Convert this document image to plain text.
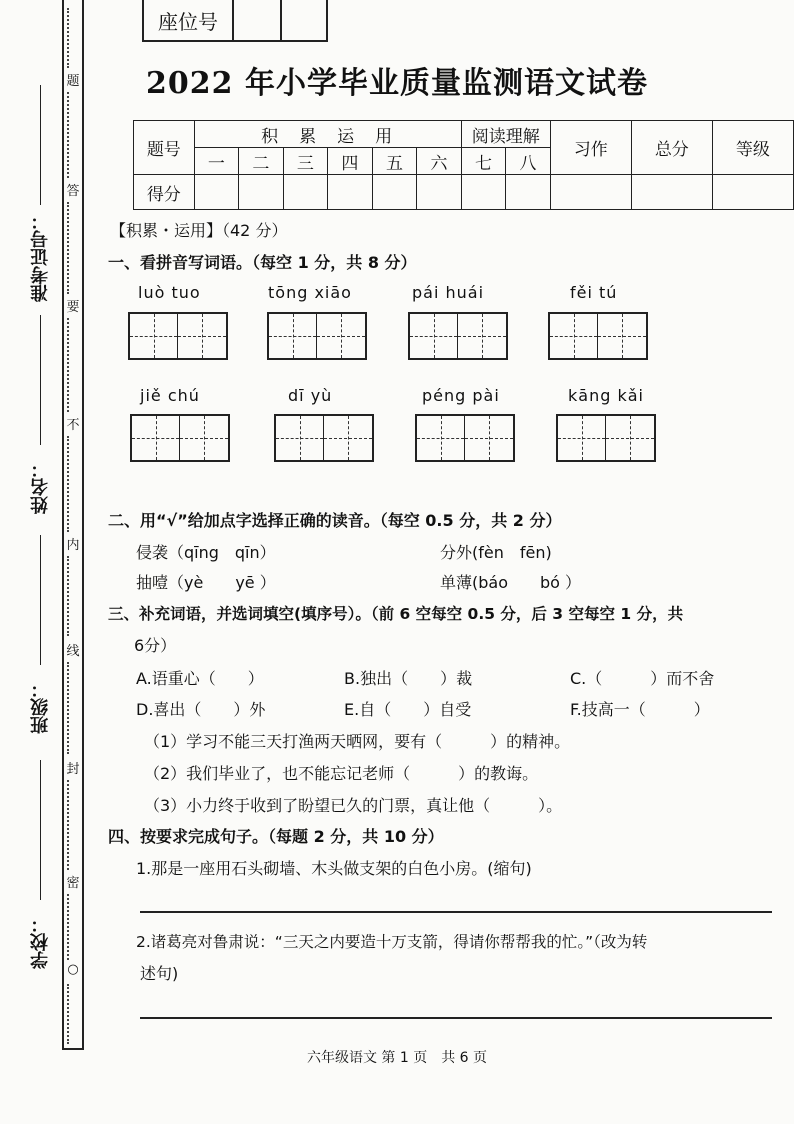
题
答
要
不
内
线
封
密
○
准考证号：
姓名：
班级：
学校：
座位号
2022 年小学毕业质量监测语文试卷
题号	积　累　运　用						阅读理解		习作	总分	等级
	一	二	三	四	五	六	七	八			
得分											
【积累・运用】（42 分）
一、看拼音写词语。（每空 1 分，共 8 分）
luò tuo	tōng xiāo	pái huái	fěi tú
jiě chú	dī yù	péng pài	kāng kǎi
二、用“√”给加点字选择正确的读音。（每空 0.5 分，共 2 分）
侵袭（qīng　qīn）	分外(fèn　fēn)
抽噎（yè　　yē ）	单薄(báo　　bó ）
三、补充词语，并选词填空(填序号）。（前 6 空每空 0.5 分，后 3 空每空 1 分，共
6分）
A.语重心（　　）	B.独出（　　）裁	C.（　　　）而不舍
D.喜出（　　）外	E.自（　　）自受	F.技高一（　　　）
（1）学习不能三天打渔两天晒网，要有（　　　）的精神。
（2）我们毕业了，也不能忘记老师（　　　）的教诲。
（3）小力终于收到了盼望已久的门票，真让他（　　　）。
四、按要求完成句子。（每题 2 分，共 10 分）
1.那是一座用石头砌墙、木头做支架的白色小房。(缩句)
2.诸葛亮对鲁肃说：“三天之内要造十万支箭，得请你帮帮我的忙。”（改为转
述句)
六年级语文 第 1 页　共 6 页
